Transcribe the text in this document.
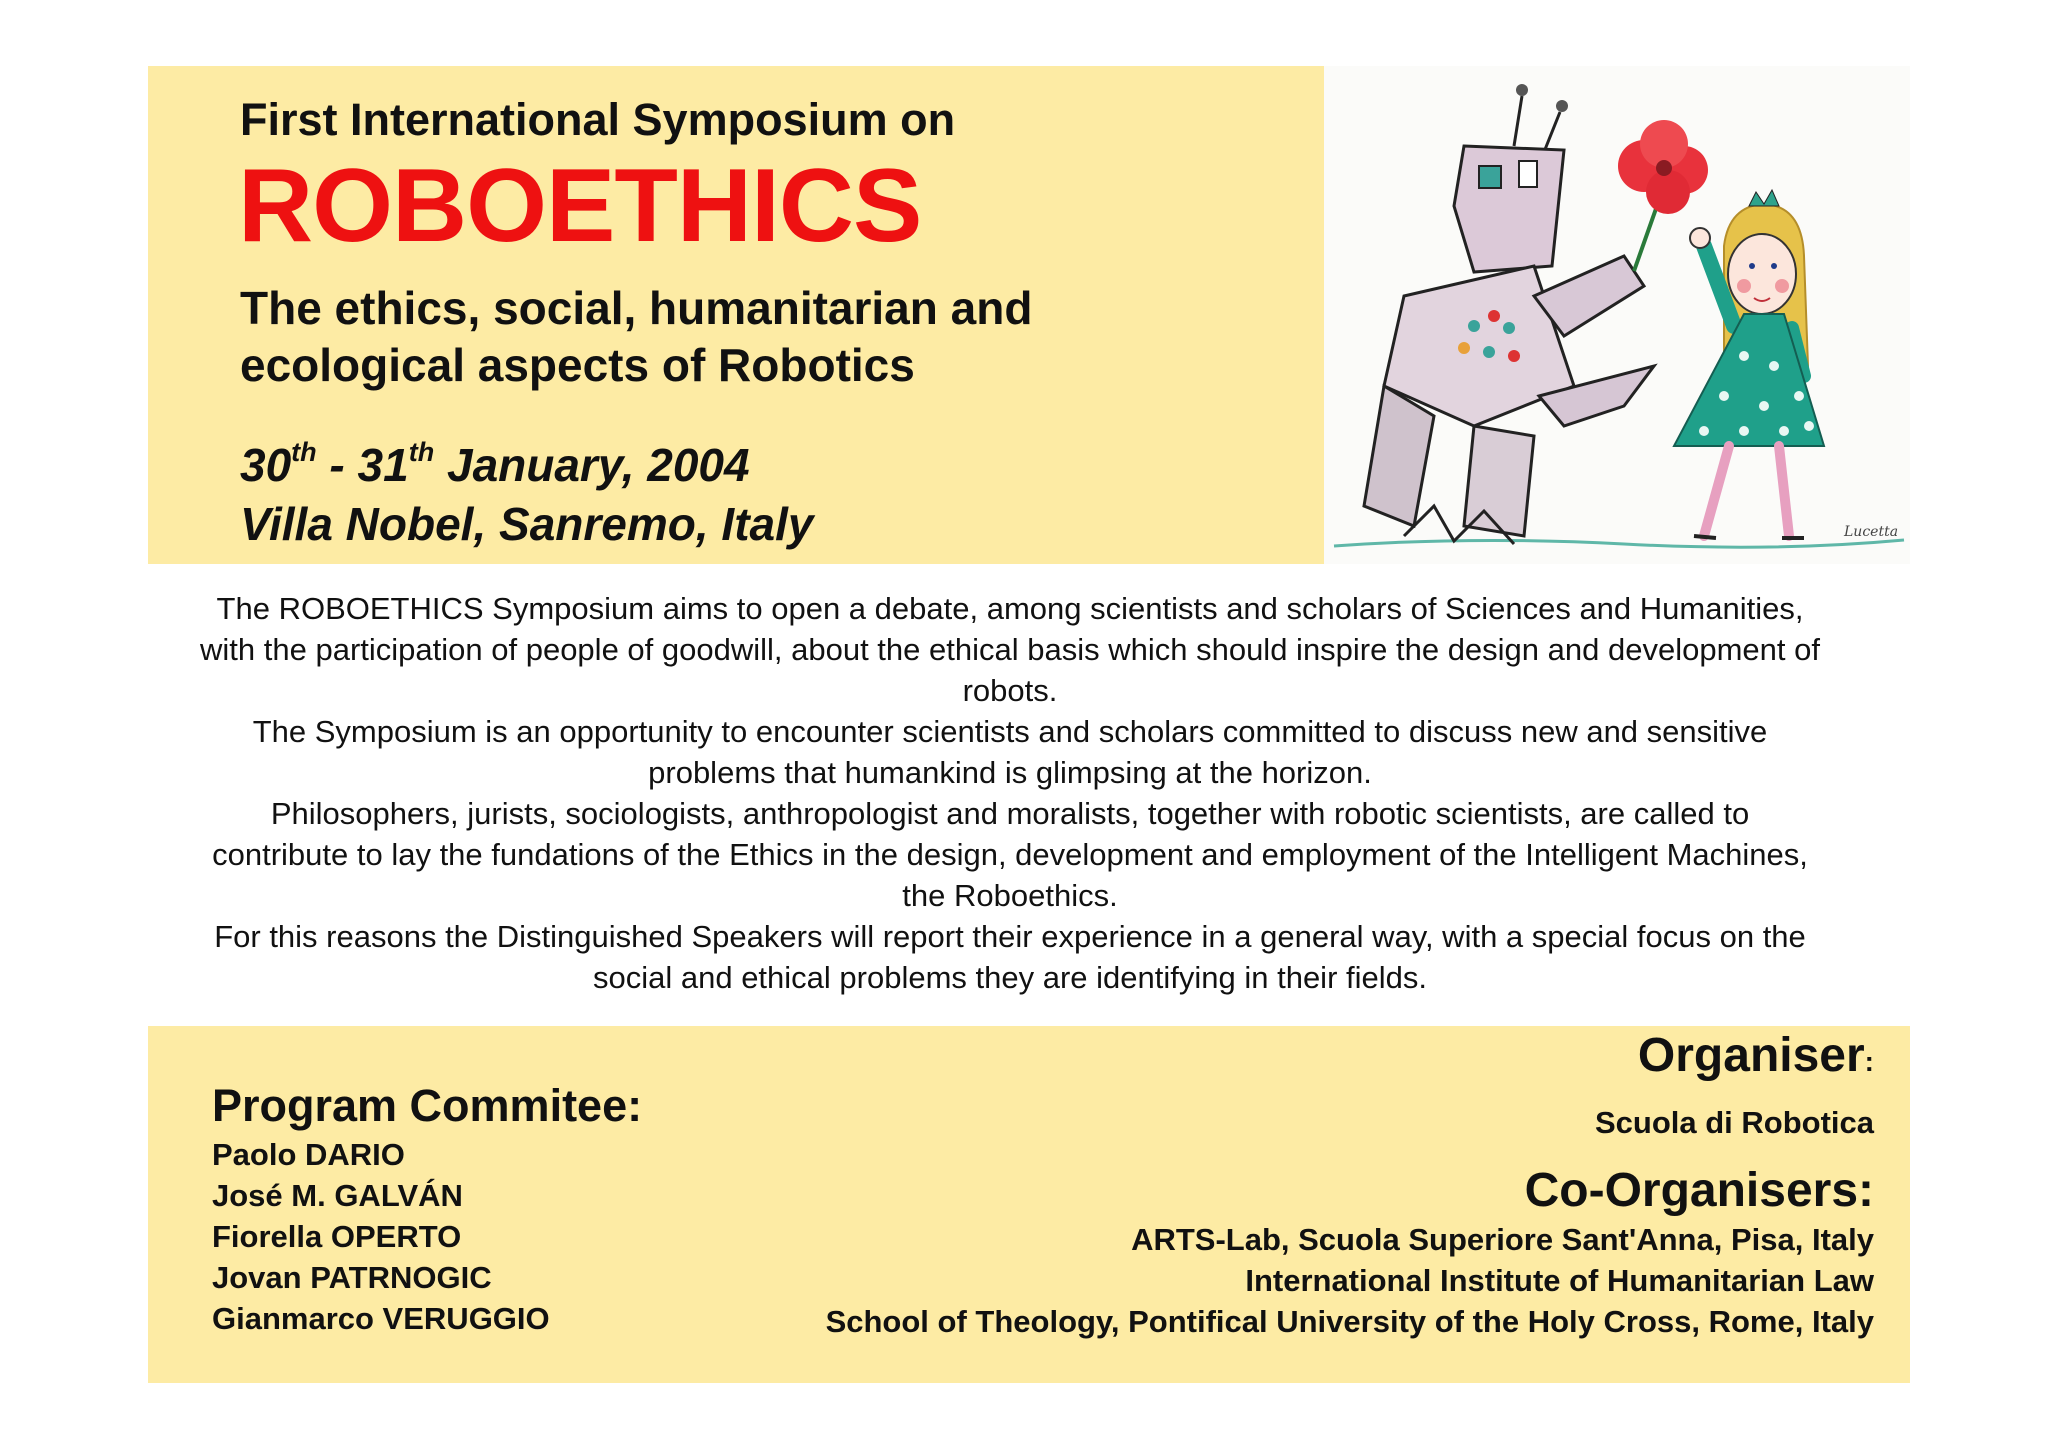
First International Symposium on
ROBOETHICS
The ethics, social, humanitarian and
ecological aspects of Robotics
30th - 31th January, 2004
Villa Nobel, Sanremo, Italy	Lucetta

The ROBOETHICS Symposium aims to open a debate, among scientists and scholars of Sciences and Humanities, with the participation of people of goodwill, about the ethical basis which should inspire the design and development of robots.

The Symposium is an opportunity to encounter scientists and scholars committed to discuss new and sensitive problems that humankind is glimpsing at the horizon.

Philosophers, jurists, sociologists, anthropologist and moralists, together with robotic scientists, are called to contribute to lay the fundations of the Ethics in the design, development and employment of the Intelligent Machines, the Roboethics.

For this reasons the Distinguished Speakers will report their experience in a general way, with a special focus on the social and ethical problems they are identifying in their fields.

Program Commitee:
Paolo DARIO
José M. GALVÁN
Fiorella OPERTO
Jovan PATRNOGIC
Gianmarco VERUGGIO
Organiser:
Scuola di Robotica
Co-Organisers:
ARTS-Lab, Scuola Superiore Sant'Anna, Pisa, Italy
International Institute of Humanitarian Law
School of Theology, Pontifical University of the Holy Cross, Rome, Italy
